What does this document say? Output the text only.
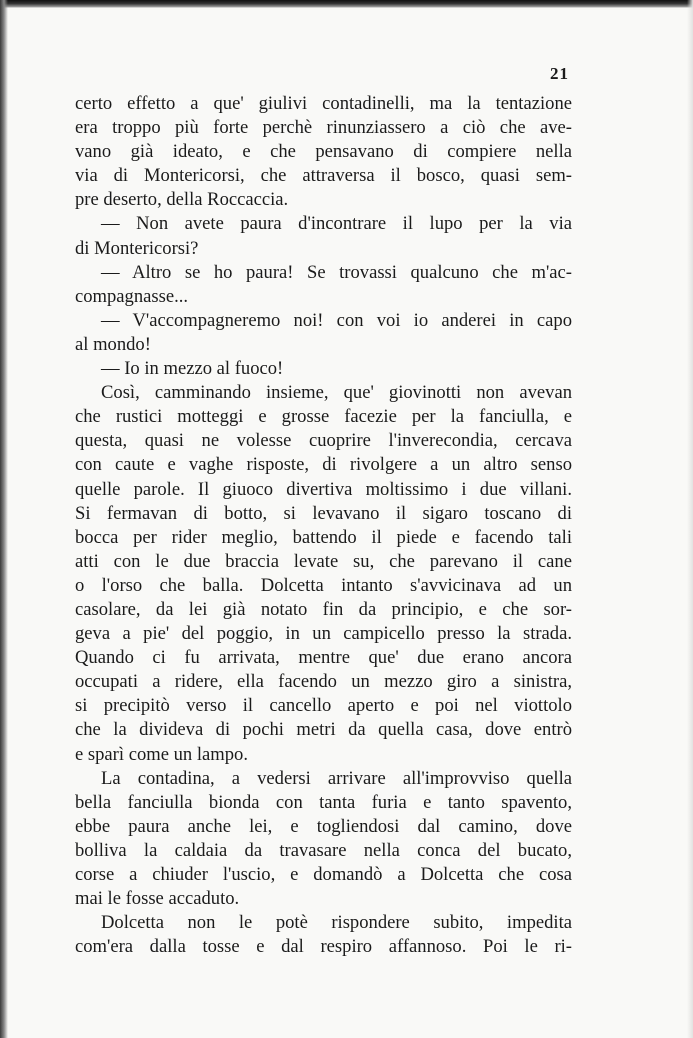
21
certo effetto a que' giulivi contadinelli, ma la tentazione
era troppo più forte perchè rinunziassero a ciò che ave-
vano già ideato, e che pensavano di compiere nella
via di Montericorsi, che attraversa il bosco, quasi sem-
pre deserto, della Roccaccia.
— Non avete paura d'incontrare il lupo per la via
di Montericorsi?
— Altro se ho paura! Se trovassi qualcuno che m'ac-
compagnasse...
— V'accompagneremo noi! con voi io anderei in capo
al mondo!
— Io in mezzo al fuoco!
Così, camminando insieme, que' giovinotti non avevan
che rustici motteggi e grosse facezie per la fanciulla, e
questa, quasi ne volesse cuoprire l'inverecondia, cercava
con caute e vaghe risposte, di rivolgere a un altro senso
quelle parole. Il giuoco divertiva moltissimo i due villani.
Si fermavan di botto, si levavano il sigaro toscano di
bocca per rider meglio, battendo il piede e facendo tali
atti con le due braccia levate su, che parevano il cane
o l'orso che balla. Dolcetta intanto s'avvicinava ad un
casolare, da lei già notato fin da principio, e che sor-
geva a pie' del poggio, in un campicello presso la strada.
Quando ci fu arrivata, mentre que' due erano ancora
occupati a ridere, ella facendo un mezzo giro a sinistra,
si precipitò verso il cancello aperto e poi nel viottolo
che la divideva di pochi metri da quella casa, dove entrò
e sparì come un lampo.
La contadina, a vedersi arrivare all'improvviso quella
bella fanciulla bionda con tanta furia e tanto spavento,
ebbe paura anche lei, e togliendosi dal camino, dove
bolliva la caldaia da travasare nella conca del bucato,
corse a chiuder l'uscio, e domandò a Dolcetta che cosa
mai le fosse accaduto.
Dolcetta non le potè rispondere subito, impedita
com'era dalla tosse e dal respiro affannoso. Poi le ri-
